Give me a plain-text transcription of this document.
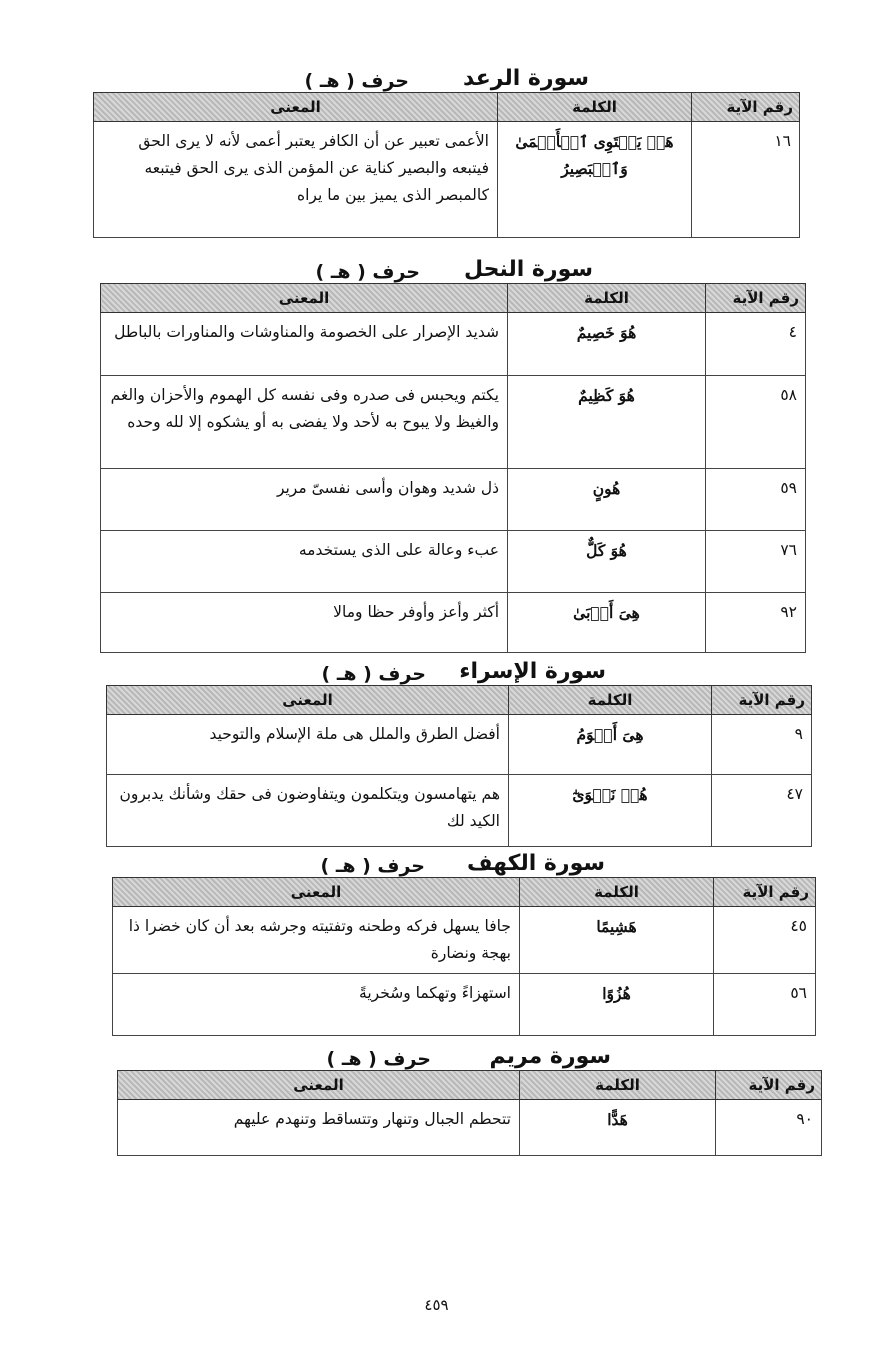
سورة الرعد
حرف ( هـ )
رقم الآية	الكلمة	المعنى
١٦	هَلۡ يَسۡتَوِى ٱلۡأَعۡمَىٰ وَٱلۡبَصِيرُ	الأعمى تعبير عن أن الكافر يعتبر أعمى لأنه لا يرى الحق فيتبعه والبصير كناية عن المؤمن الذى يرى الحق فيتبعه كالمبصر الذى يميز بين ما يراه
سورة النحل
حرف ( هـ )
رقم الآية	الكلمة	المعنى
٤	هُوَ خَصِيمٌ	شديد الإصرار على الخصومة والمناوشات والمناورات بالباطل
٥٨	هُوَ كَظِيمٌ	يكتم ويحبس فى صدره وفى نفسه كل الهموم والأحزان والغم والغيظ ولا يبوح به لأحد ولا يفضى به أو يشكوه إلا لله وحده
٥٩	هُونٍ	ذل شديد وهوان وأسى نفسىّ مرير
٧٦	هُوَ كَلٌّ	عبء وعالة على الذى يستخدمه
٩٢	هِىَ أَرۡبَىٰ	أكثر وأعز وأوفر حظا ومالا
سورة الإسراء
حرف ( هـ )
رقم الآية	الكلمة	المعنى
٩	هِىَ أَقۡوَمُ	أفضل الطرق والملل هى ملة الإسلام والتوحيد
٤٧	هُمۡ نَجۡوَىٰٓ	هم يتهامسون ويتكلمون ويتفاوضون فى حقك وشأنك يدبرون الكيد لك
سورة الكهف
حرف ( هـ )
رقم الآية	الكلمة	المعنى
٤٥	هَشِيمًا	جافا يسهل فركه وطحنه وتفتيته وجرشه بعد أن كان خضرا ذا بهجة ونضارة
٥٦	هُزُوًا	استهزاءً وتهكما وسُخريةً
سورة مريم
حرف ( هـ )
رقم الآية	الكلمة	المعنى
٩٠	هَدًّا	تتحطم الجبال وتنهار وتتساقط وتنهدم عليهم
٤٥٩
